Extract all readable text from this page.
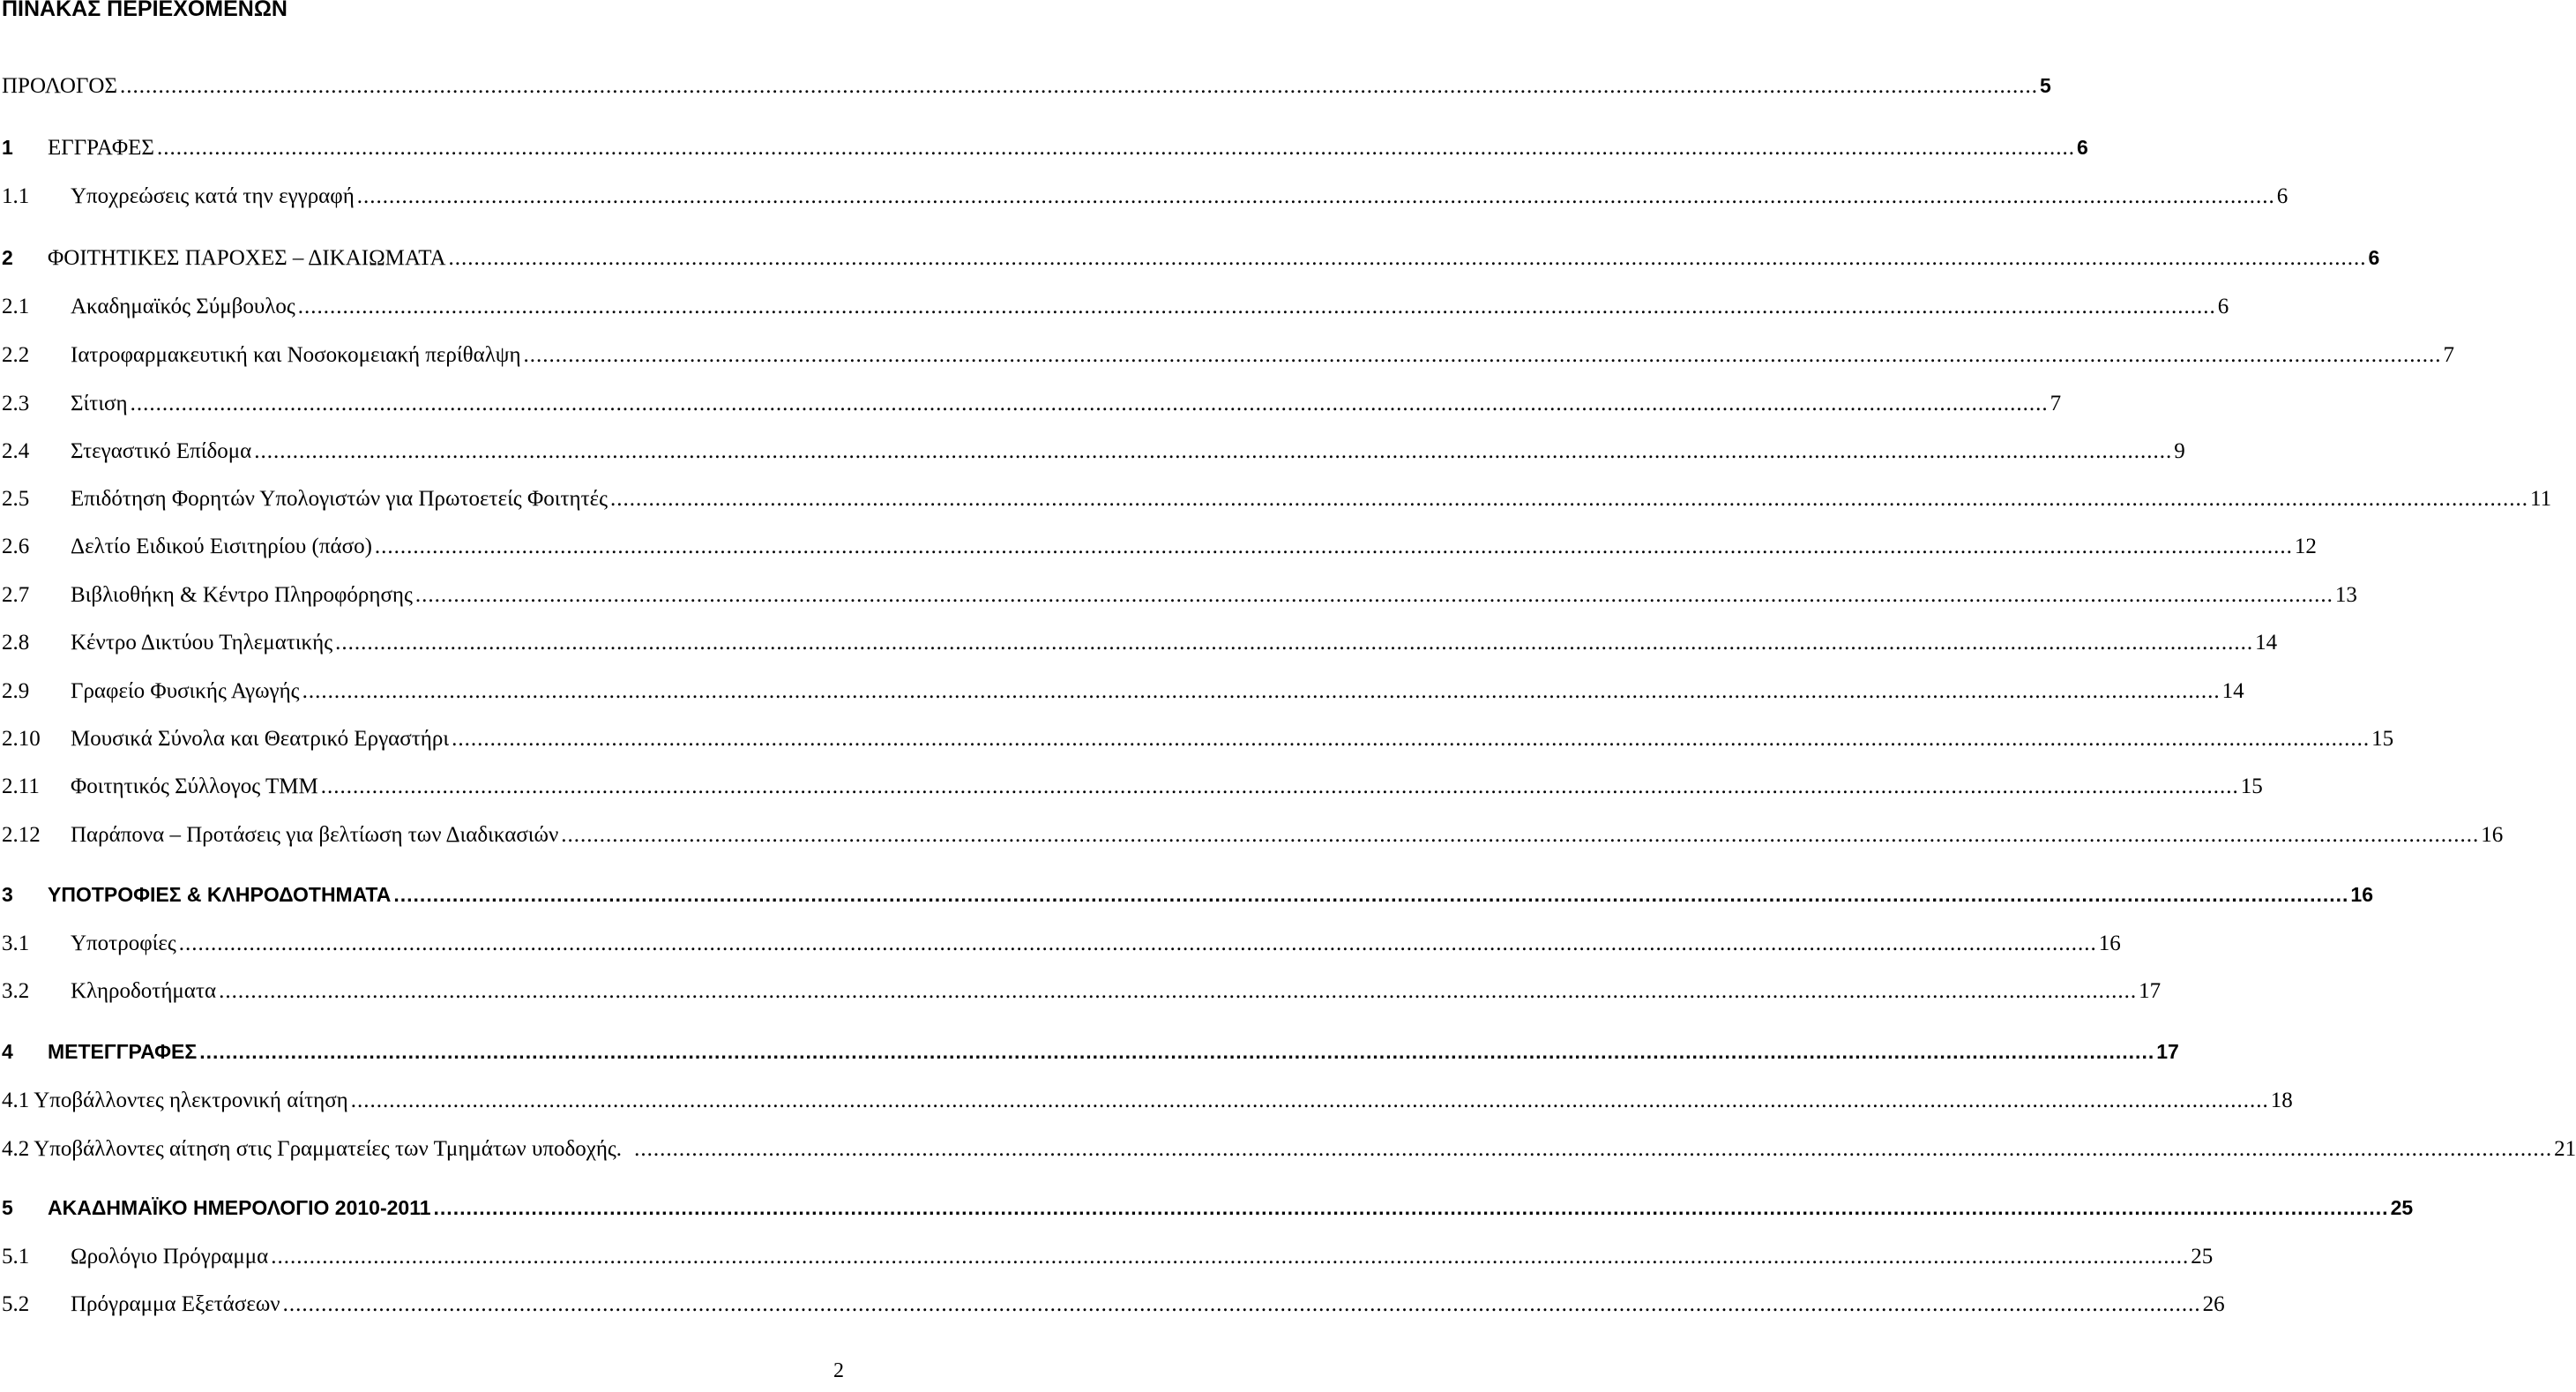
ΠΙΝΑΚΑΣ ΠΕΡΙΕΧΟΜΕΝΩΝ
ΠΡΟΛΟΓΟΣ ............................................................................................................................................................................................................................................................................................................ 5
1	ΕΓΓΡΑΦΕΣ ............................................................................................................................................................................................................................................................................................................ 6
1.1	Υποχρεώσεις κατά την εγγραφή ............................................................................................................................................................................................................................................................................................................ 6
2	ΦΟΙΤΗΤΙΚΕΣ ΠΑΡΟΧΕΣ – ΔΙΚΑΙΩΜΑΤΑ ............................................................................................................................................................................................................................................................................................................ 6
2.1	Ακαδημαϊκός Σύμβουλος ............................................................................................................................................................................................................................................................................................................ 6
2.2	Ιατροφαρμακευτική και Νοσοκομειακή περίθαλψη ............................................................................................................................................................................................................................................................................................................ 7
2.3	Σίτιση ............................................................................................................................................................................................................................................................................................................ 7
2.4	Στεγαστικό Επίδομα ............................................................................................................................................................................................................................................................................................................ 9
2.5	Επιδότηση Φορητών Υπολογιστών για Πρωτοετείς Φοιτητές ............................................................................................................................................................................................................................................................................................................ 11
2.6	Δελτίο Ειδικού Εισιτηρίου (πάσο) ............................................................................................................................................................................................................................................................................................................ 12
2.7	Βιβλιοθήκη & Κέντρο Πληροφόρησης ............................................................................................................................................................................................................................................................................................................ 13
2.8	Κέντρο Δικτύου Τηλεματικής ............................................................................................................................................................................................................................................................................................................ 14
2.9	Γραφείο Φυσικής Αγωγής ............................................................................................................................................................................................................................................................................................................ 14
2.10	Μουσικά Σύνολα και Θεατρικό Εργαστήρι ............................................................................................................................................................................................................................................................................................................ 15
2.11	Φοιτητικός Σύλλογος ΤΜΜ ............................................................................................................................................................................................................................................................................................................ 15
2.12	Παράπονα – Προτάσεις για βελτίωση των Διαδικασιών ............................................................................................................................................................................................................................................................................................................ 16
3	ΥΠΟΤΡΟΦΙΕΣ & ΚΛΗΡΟΔΟΤΗΜΑΤΑ ............................................................................................................................................................................................................................................................................................................ 16
3.1	Υποτροφίες ............................................................................................................................................................................................................................................................................................................ 16
3.2	Κληροδοτήματα ............................................................................................................................................................................................................................................................................................................ 17
4	ΜΕΤΕΓΓΡΑΦΕΣ ............................................................................................................................................................................................................................................................................................................ 17
4.1 Υποβάλλοντες ηλεκτρονική αίτηση ............................................................................................................................................................................................................................................................................................................ 18
4.2 Υποβάλλοντες αίτηση στις Γραμματείες των Τμημάτων υποδοχής. ............................................................................................................................................................................................................................................................................................................ 21
5	ΑΚΑΔΗΜΑΪΚΟ ΗΜΕΡΟΛΟΓΙΟ 2010-2011 ............................................................................................................................................................................................................................................................................................................ 25
5.1	Ωρολόγιο Πρόγραμμα ............................................................................................................................................................................................................................................................................................................ 25
5.2	Πρόγραμμα Εξετάσεων ............................................................................................................................................................................................................................................................................................................ 26
2
